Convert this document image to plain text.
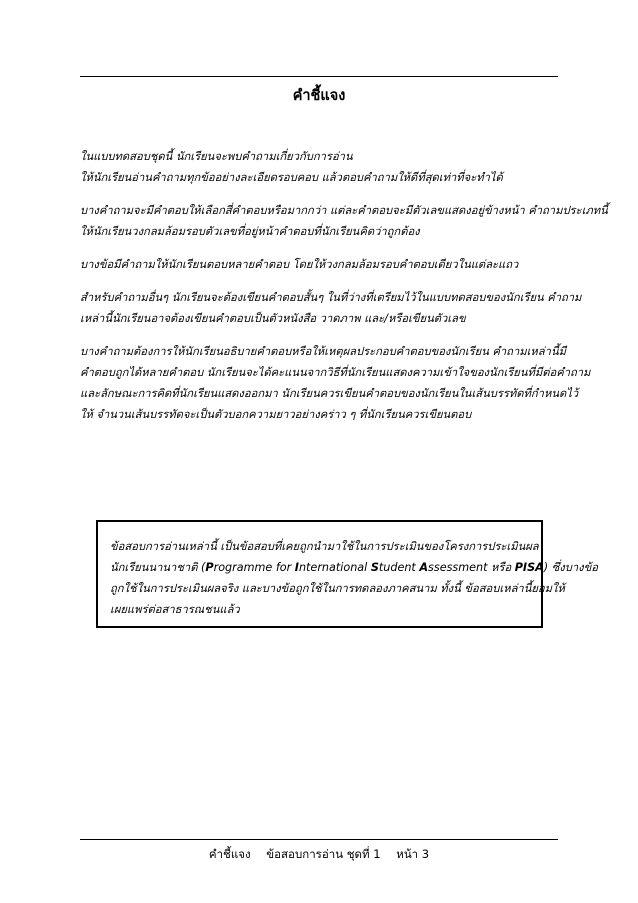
คำชี้แจง
ในแบบทดสอบชุดนี้ นักเรียนจะพบคำถามเกี่ยวกับการอ่าน
ให้นักเรียนอ่านคำถามทุกข้ออย่างละเอียดรอบคอบ แล้วตอบคำถามให้ดีที่สุดเท่าที่จะทำได้
บางคำถามจะมีคำตอบให้เลือกสี่คำตอบหรือมากกว่า แต่ละคำตอบจะมีตัวเลขแสดงอยู่ข้างหน้า คำถามประเภทนี้
ให้นักเรียนวงกลมล้อมรอบตัวเลขที่อยู่หน้าคำตอบที่นักเรียนคิดว่าถูกต้อง
บางข้อมีคำถามให้นักเรียนตอบหลายคำตอบ โดยให้วงกลมล้อมรอบคำตอบเดียวในแต่ละแถว
สำหรับคำถามอื่นๆ นักเรียนจะต้องเขียนคำตอบสั้นๆ ในที่ว่างที่เตรียมไว้ในแบบทดสอบของนักเรียน คำถาม
เหล่านี้นักเรียนอาจต้องเขียนคำตอบเป็นตัวหนังสือ วาดภาพ และ/หรือเขียนตัวเลข
บางคำถามต้องการให้นักเรียนอธิบายคำตอบหรือให้เหตุผลประกอบคำตอบของนักเรียน คำถามเหล่านี้มี
คำตอบถูกได้หลายคำตอบ นักเรียนจะได้คะแนนจากวิธีที่นักเรียนแสดงความเข้าใจของนักเรียนที่มีต่อคำถาม
และลักษณะการคิดที่นักเรียนแสดงออกมา นักเรียนควรเขียนคำตอบของนักเรียนในเส้นบรรทัดที่กำหนดไว้
ให้ จำนวนเส้นบรรทัดจะเป็นตัวบอกความยาวอย่างคร่าว ๆ ที่นักเรียนควรเขียนตอบ
ข้อสอบการอ่านเหล่านี้ เป็นข้อสอบที่เคยถูกนำมาใช้ในการประเมินของโครงการประเมินผล
นักเรียนนานาชาติ (Programme for International Student Assessment หรือ PISA) ซึ่งบางข้อ
ถูกใช้ในการประเมินผลจริง และบางข้อถูกใช้ในการทดลองภาคสนาม ทั้งนี้ ข้อสอบเหล่านี้ยอมให้
เผยแพร่ต่อสาธารณชนแล้ว
คำชี้แจง ข้อสอบการอ่าน ชุดที่ 1 หน้า 3
